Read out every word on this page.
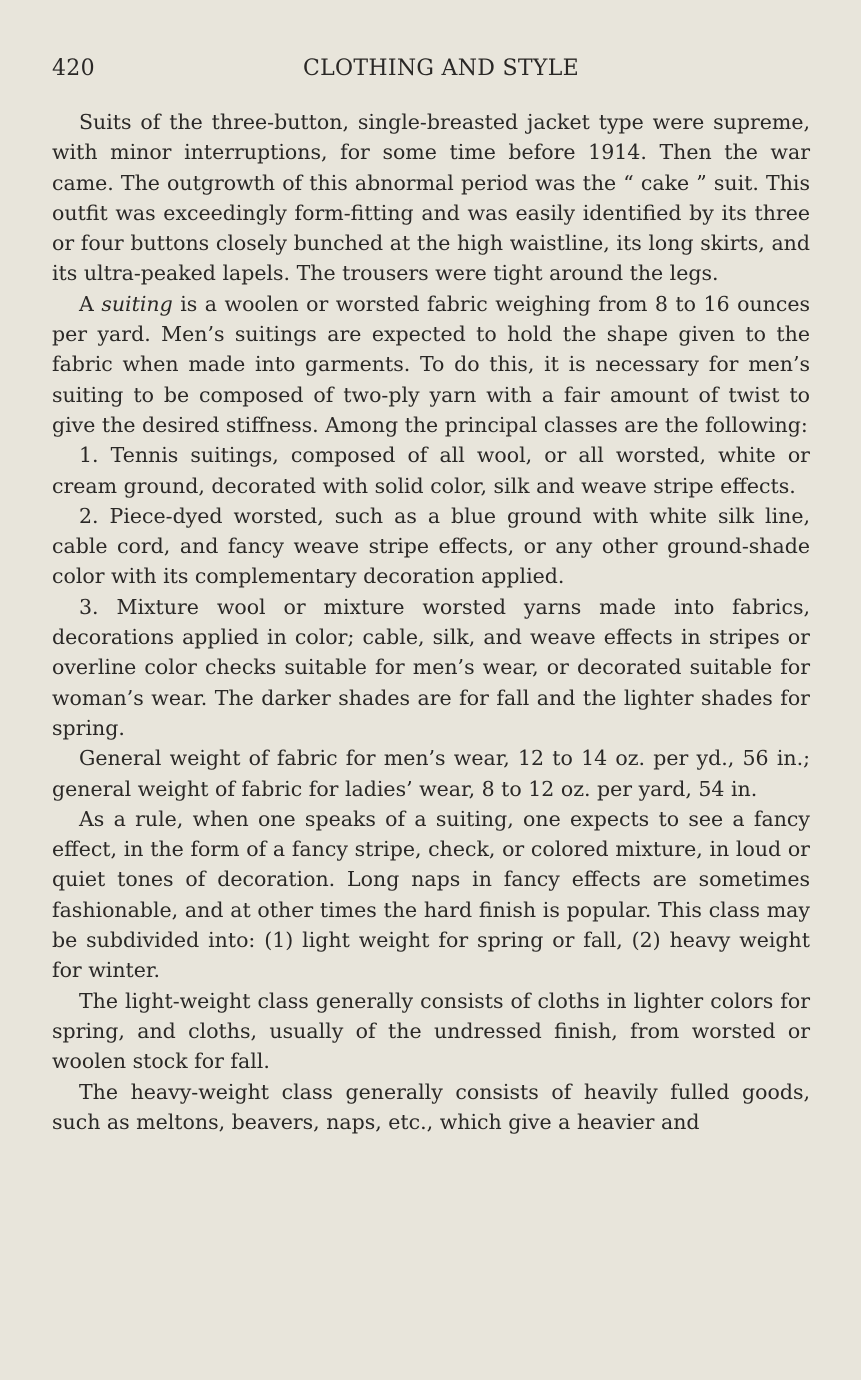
420	CLOTHING AND STYLE

Suits of the three-button, single-breasted jacket type were supreme, with minor interruptions, for some time before 1914. Then the war came. The outgrowth of this abnormal period was the “ cake ” suit. This outfit was exceedingly form-fitting and was easily identified by its three or four buttons closely bunched at the high waistline, its long skirts, and its ultra-peaked lapels. The trousers were tight around the legs.

A suiting is a woolen or worsted fabric weighing from 8 to 16 ounces per yard. Men’s suitings are expected to hold the shape given to the fabric when made into garments. To do this, it is necessary for men’s suiting to be composed of two-ply yarn with a fair amount of twist to give the desired stiffness. Among the principal classes are the following:

1. Tennis suitings, composed of all wool, or all worsted, white or cream ground, decorated with solid color, silk and weave stripe effects.

2. Piece-dyed worsted, such as a blue ground with white silk line, cable cord, and fancy weave stripe effects, or any other ground-shade color with its complementary decoration applied.

3. Mixture wool or mixture worsted yarns made into fabrics, decorations applied in color; cable, silk, and weave effects in stripes or overline color checks suitable for men’s wear, or decorated suitable for woman’s wear. The darker shades are for fall and the lighter shades for spring.

General weight of fabric for men’s wear, 12 to 14 oz. per yd., 56 in.; general weight of fabric for ladies’ wear, 8 to 12 oz. per yard, 54 in.

As a rule, when one speaks of a suiting, one expects to see a fancy effect, in the form of a fancy stripe, check, or colored mixture, in loud or quiet tones of decoration. Long naps in fancy effects are sometimes fashionable, and at other times the hard finish is popular. This class may be subdivided into: (1) light weight for spring or fall, (2) heavy weight for winter.

The light-weight class generally consists of cloths in lighter colors for spring, and cloths, usually of the undressed finish, from worsted or woolen stock for fall.

The heavy-weight class generally consists of heavily fulled goods, such as meltons, beavers, naps, etc., which give a heavier and
